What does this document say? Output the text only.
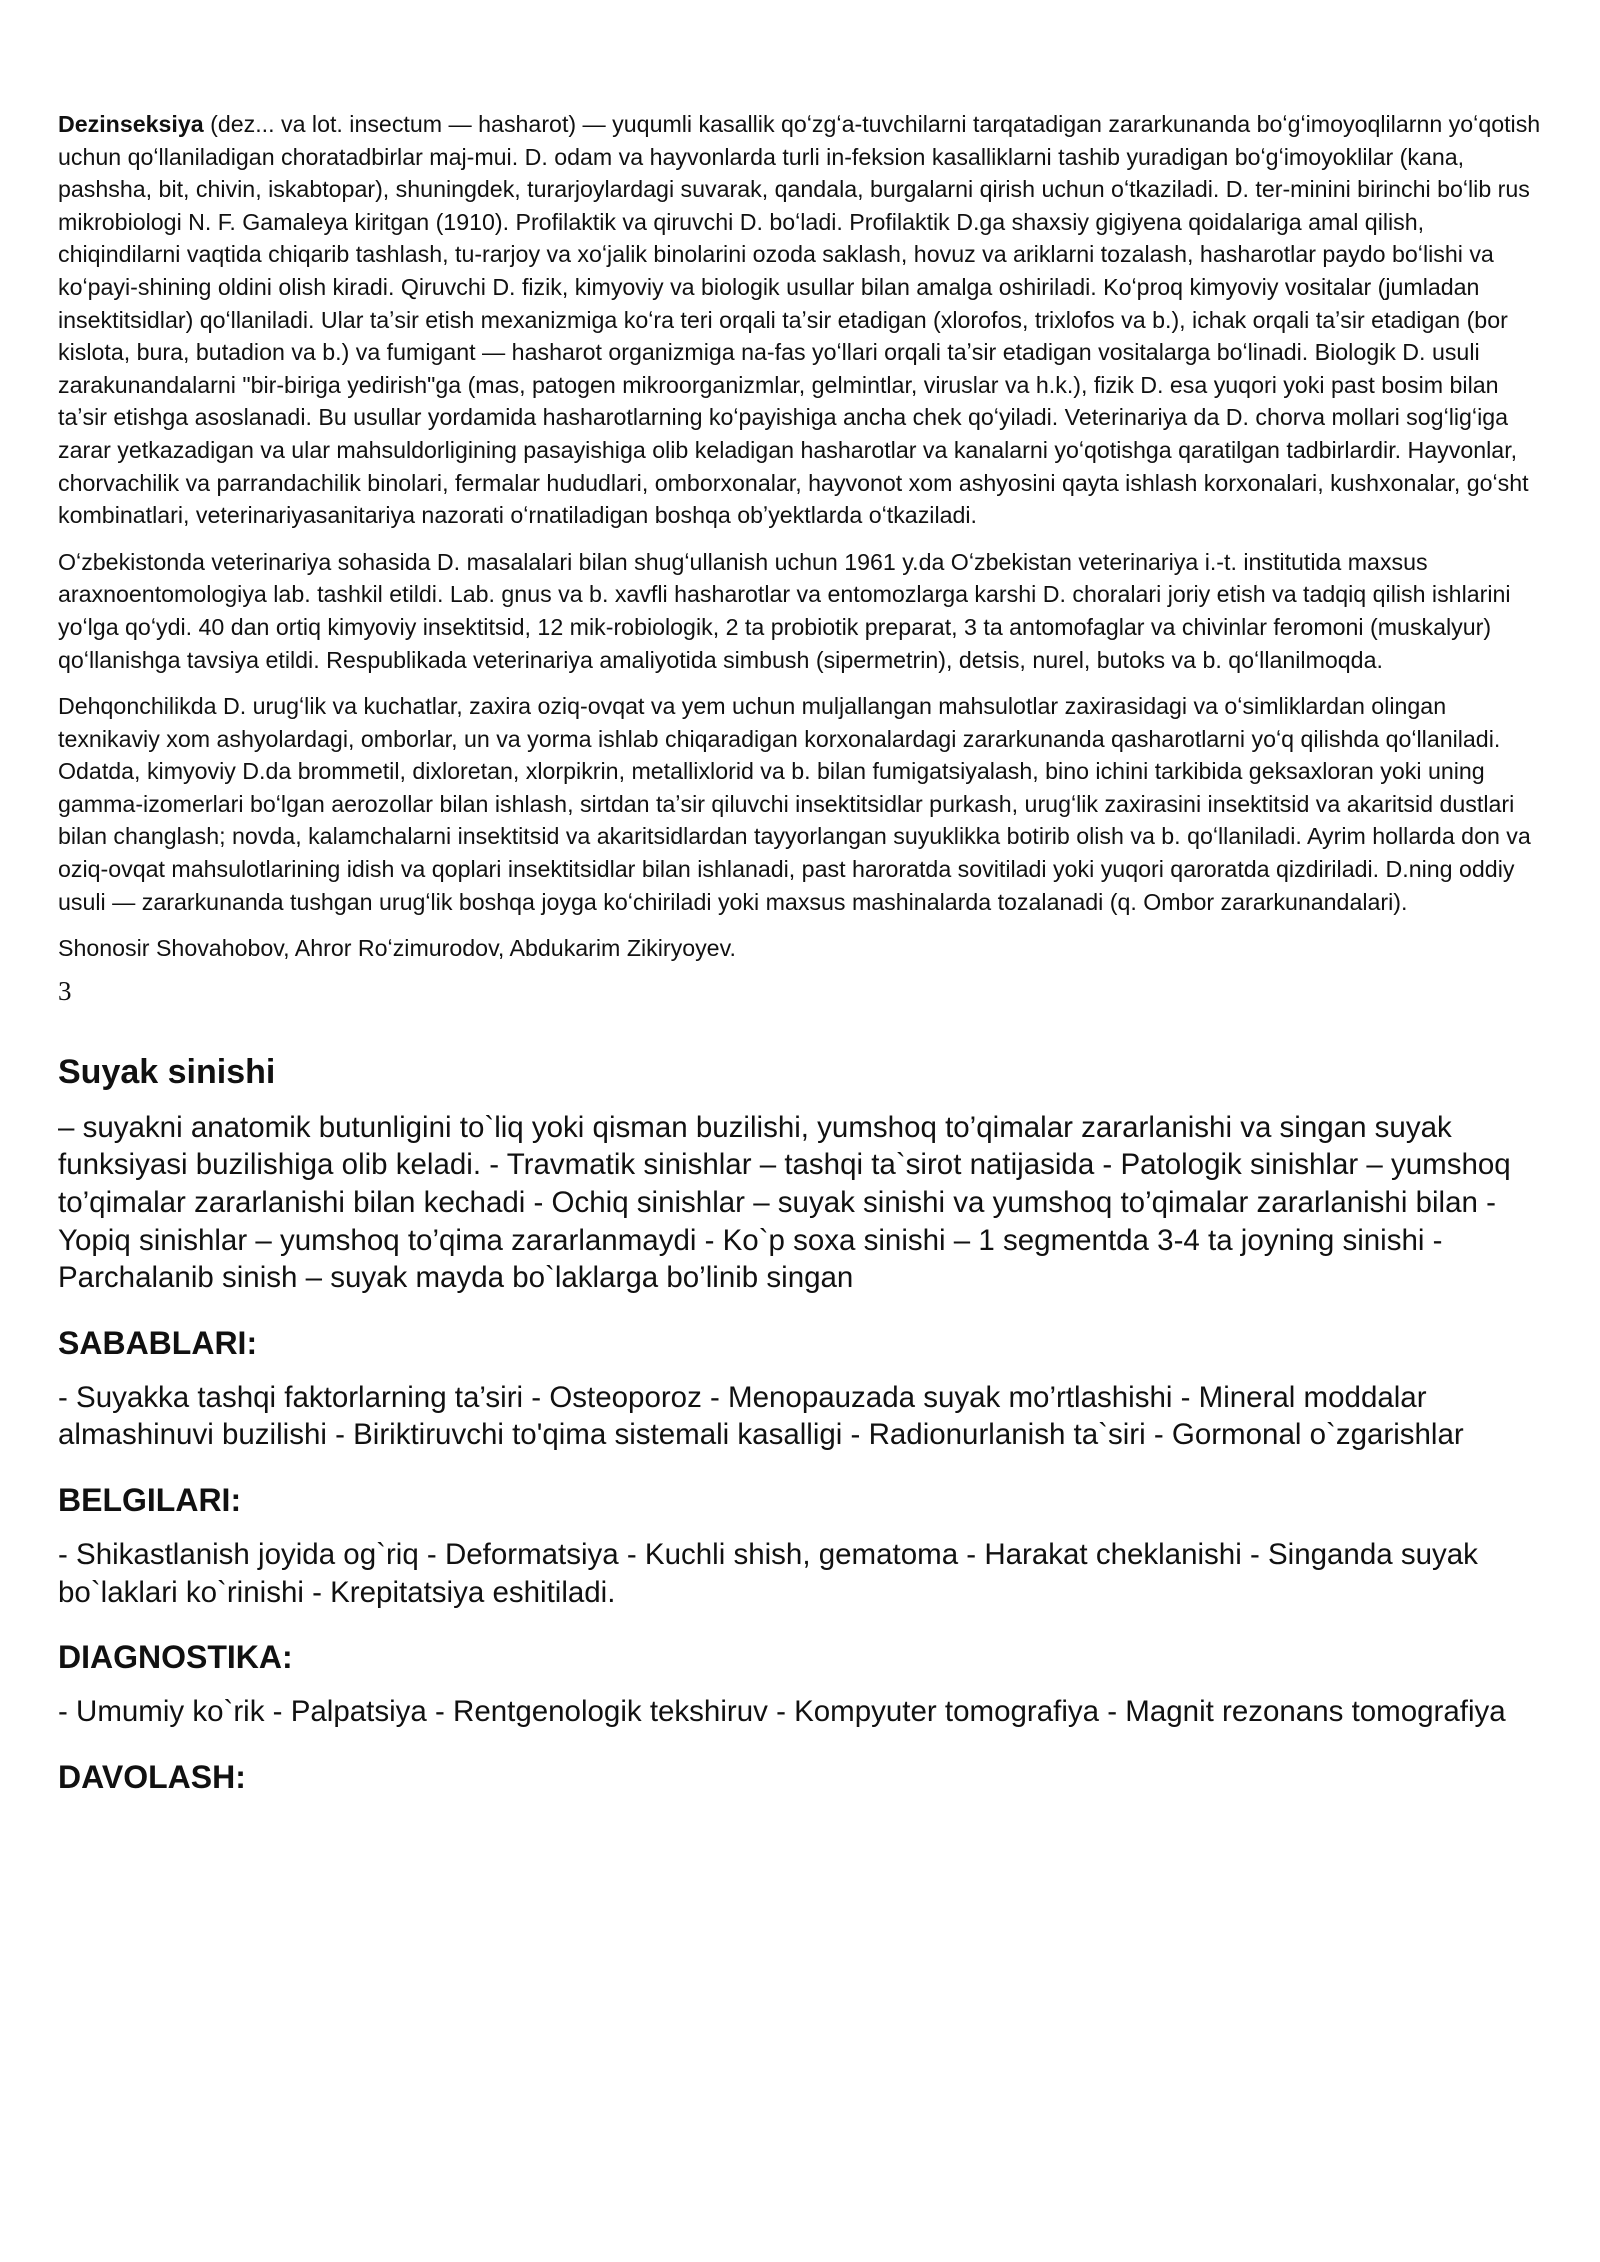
Dezinseksiya (dez... va lot. insectum — hasharot) — yuqumli kasallik qoʻzgʻa-tuvchilarni tarqatadigan zararkunanda boʻgʻimoyoqlilarnn yoʻqotish uchun qoʻllaniladigan choratadbirlar maj-mui. D. odam va hayvonlarda turli in-feksion kasalliklarni tashib yuradigan boʻgʻimoyoklilar (kana, pashsha, bit, chivin, iskabtopar), shuningdek, turarjoylardagi suvarak, qandala, burgalarni qirish uchun oʻtkaziladi. D. ter-minini birinchi boʻlib rus mikrobiologi N. F. Gamaleya kiritgan (1910). Profilaktik va qiruvchi D. boʻladi. Profilaktik D.ga shaxsiy gigiyena qoidalariga amal qilish, chiqindilarni vaqtida chiqarib tashlash, tu-rarjoy va xoʻjalik binolarini ozoda saklash, hovuz va ariklarni tozalash, hasharotlar paydo boʻlishi va koʻpayi-shining oldini olish kiradi. Qiruvchi D. fizik, kimyoviy va biologik usullar bilan amalga oshiriladi. Koʻproq kimyoviy vositalar (jumladan insektitsidlar) qoʻllaniladi. Ular taʼsir etish mexanizmiga koʻra teri orqali taʼsir etadigan (xlorofos, trixlofos va b.), ichak orqali taʼsir etadigan (bor kislota, bura, butadion va b.) va fumigant — hasharot organizmiga na-fas yoʻllari orqali taʼsir etadigan vositalarga boʻlinadi. Biologik D. usuli zarakunandalarni "bir-biriga yedirish"ga (mas, patogen mikroorganizmlar, gelmintlar, viruslar va h.k.), fizik D. esa yuqori yoki past bosim bilan taʼsir etishga asoslanadi. Bu usullar yordamida hasharotlarning koʻpayishiga ancha chek qoʻyiladi. Veterinariya da D. chorva mollari sogʻligʻiga zarar yetkazadigan va ular mahsuldorligining pasayishiga olib keladigan hasharotlar va kanalarni yoʻqotishga qaratilgan tadbirlardir. Hayvonlar, chorvachilik va parrandachilik binolari, fermalar hududlari, omborxonalar, hayvonot xom ashyosini qayta ishlash korxonalari, kushxonalar, goʻsht kombinatlari, veterinariyasanitariya nazorati oʻrnatiladigan boshqa obʼyektlarda oʻtkaziladi.

Oʻzbekistonda veterinariya sohasida D. masalalari bilan shugʻullanish uchun 1961 y.da Oʻzbekistan veterinariya i.-t. institutida maxsus araxnoentomologiya lab. tashkil etildi. Lab. gnus va b. xavfli hasharotlar va entomozlarga karshi D. choralari joriy etish va tadqiq qilish ishlarini yoʻlga qoʻydi. 40 dan ortiq kimyoviy insektitsid, 12 mik-robiologik, 2 ta probiotik preparat, 3 ta antomofaglar va chivinlar feromoni (muskalyur) qoʻllanishga tavsiya etildi. Respublikada veterinariya amaliyotida simbush (sipermetrin), detsis, nurel, butoks va b. qoʻllanilmoqda.

Dehqonchilikda D. urugʻlik va kuchatlar, zaxira oziq-ovqat va yem uchun muljallangan mahsulotlar zaxirasidagi va oʻsimliklardan olingan texnikaviy xom ashyolardagi, omborlar, un va yorma ishlab chiqaradigan korxonalardagi zararkunanda qasharotlarni yoʻq qilishda qoʻllaniladi. Odatda, kimyoviy D.da brommetil, dixloretan, xlorpikrin, metallixlorid va b. bilan fumigatsiyalash, bino ichini tarkibida geksaxloran yoki uning gamma-izomerlari boʻlgan aerozollar bilan ishlash, sirtdan taʼsir qiluvchi insektitsidlar purkash, urugʻlik zaxirasini insektitsid va akaritsid dustlari bilan changlash; novda, kalamchalarni insektitsid va akaritsidlardan tayyorlangan suyuklikka botirib olish va b. qoʻllaniladi. Ayrim hollarda don va oziq-ovqat mahsulotlarining idish va qoplari insektitsidlar bilan ishlanadi, past haroratda sovitiladi yoki yuqori qaroratda qizdiriladi. D.ning oddiy usuli — zararkunanda tushgan urugʻlik boshqa joyga koʻchiriladi yoki maxsus mashinalarda tozalanadi (q. Ombor zararkunandalari).

Shonosir Shovahobov, Ahror Roʻzimurodov, Abdukarim Zikiryoyev.

3
Suyak sinishi

– suyakni anatomik butunligini to`liq yoki qisman buzilishi, yumshoq to’qimalar zararlanishi va singan suyak funksiyasi buzilishiga olib keladi. - Travmatik sinishlar – tashqi ta`sirot natijasida - Patologik sinishlar – yumshoq to’qimalar zararlanishi bilan kechadi - Ochiq sinishlar – suyak sinishi va yumshoq to’qimalar zararlanishi bilan - Yopiq sinishlar – yumshoq to’qima zararlanmaydi - Ko`p soxa sinishi – 1 segmentda 3-4 ta joyning sinishi - Parchalanib sinish – suyak mayda bo`laklarga bo’linib singan

SABABLARI:

- Suyakka tashqi faktorlarning ta’siri - Osteoporoz - Menopauzada suyak mo’rtlashishi - Mineral moddalar almashinuvi buzilishi - Biriktiruvchi to'qima sistemali kasalligi - Radionurlanish ta`siri - Gormonal o`zgarishlar

BELGILARI:

- Shikastlanish joyida og`riq - Deformatsiya - Kuchli shish, gematoma - Harakat cheklanishi - Singanda suyak bo`laklari ko`rinishi - Krepitatsiya eshitiladi.

DIAGNOSTIKA:

- Umumiy ko`rik - Palpatsiya - Rentgenologik tekshiruv - Kompyuter tomografiya - Magnit rezonans tomografiya

DAVOLASH:
